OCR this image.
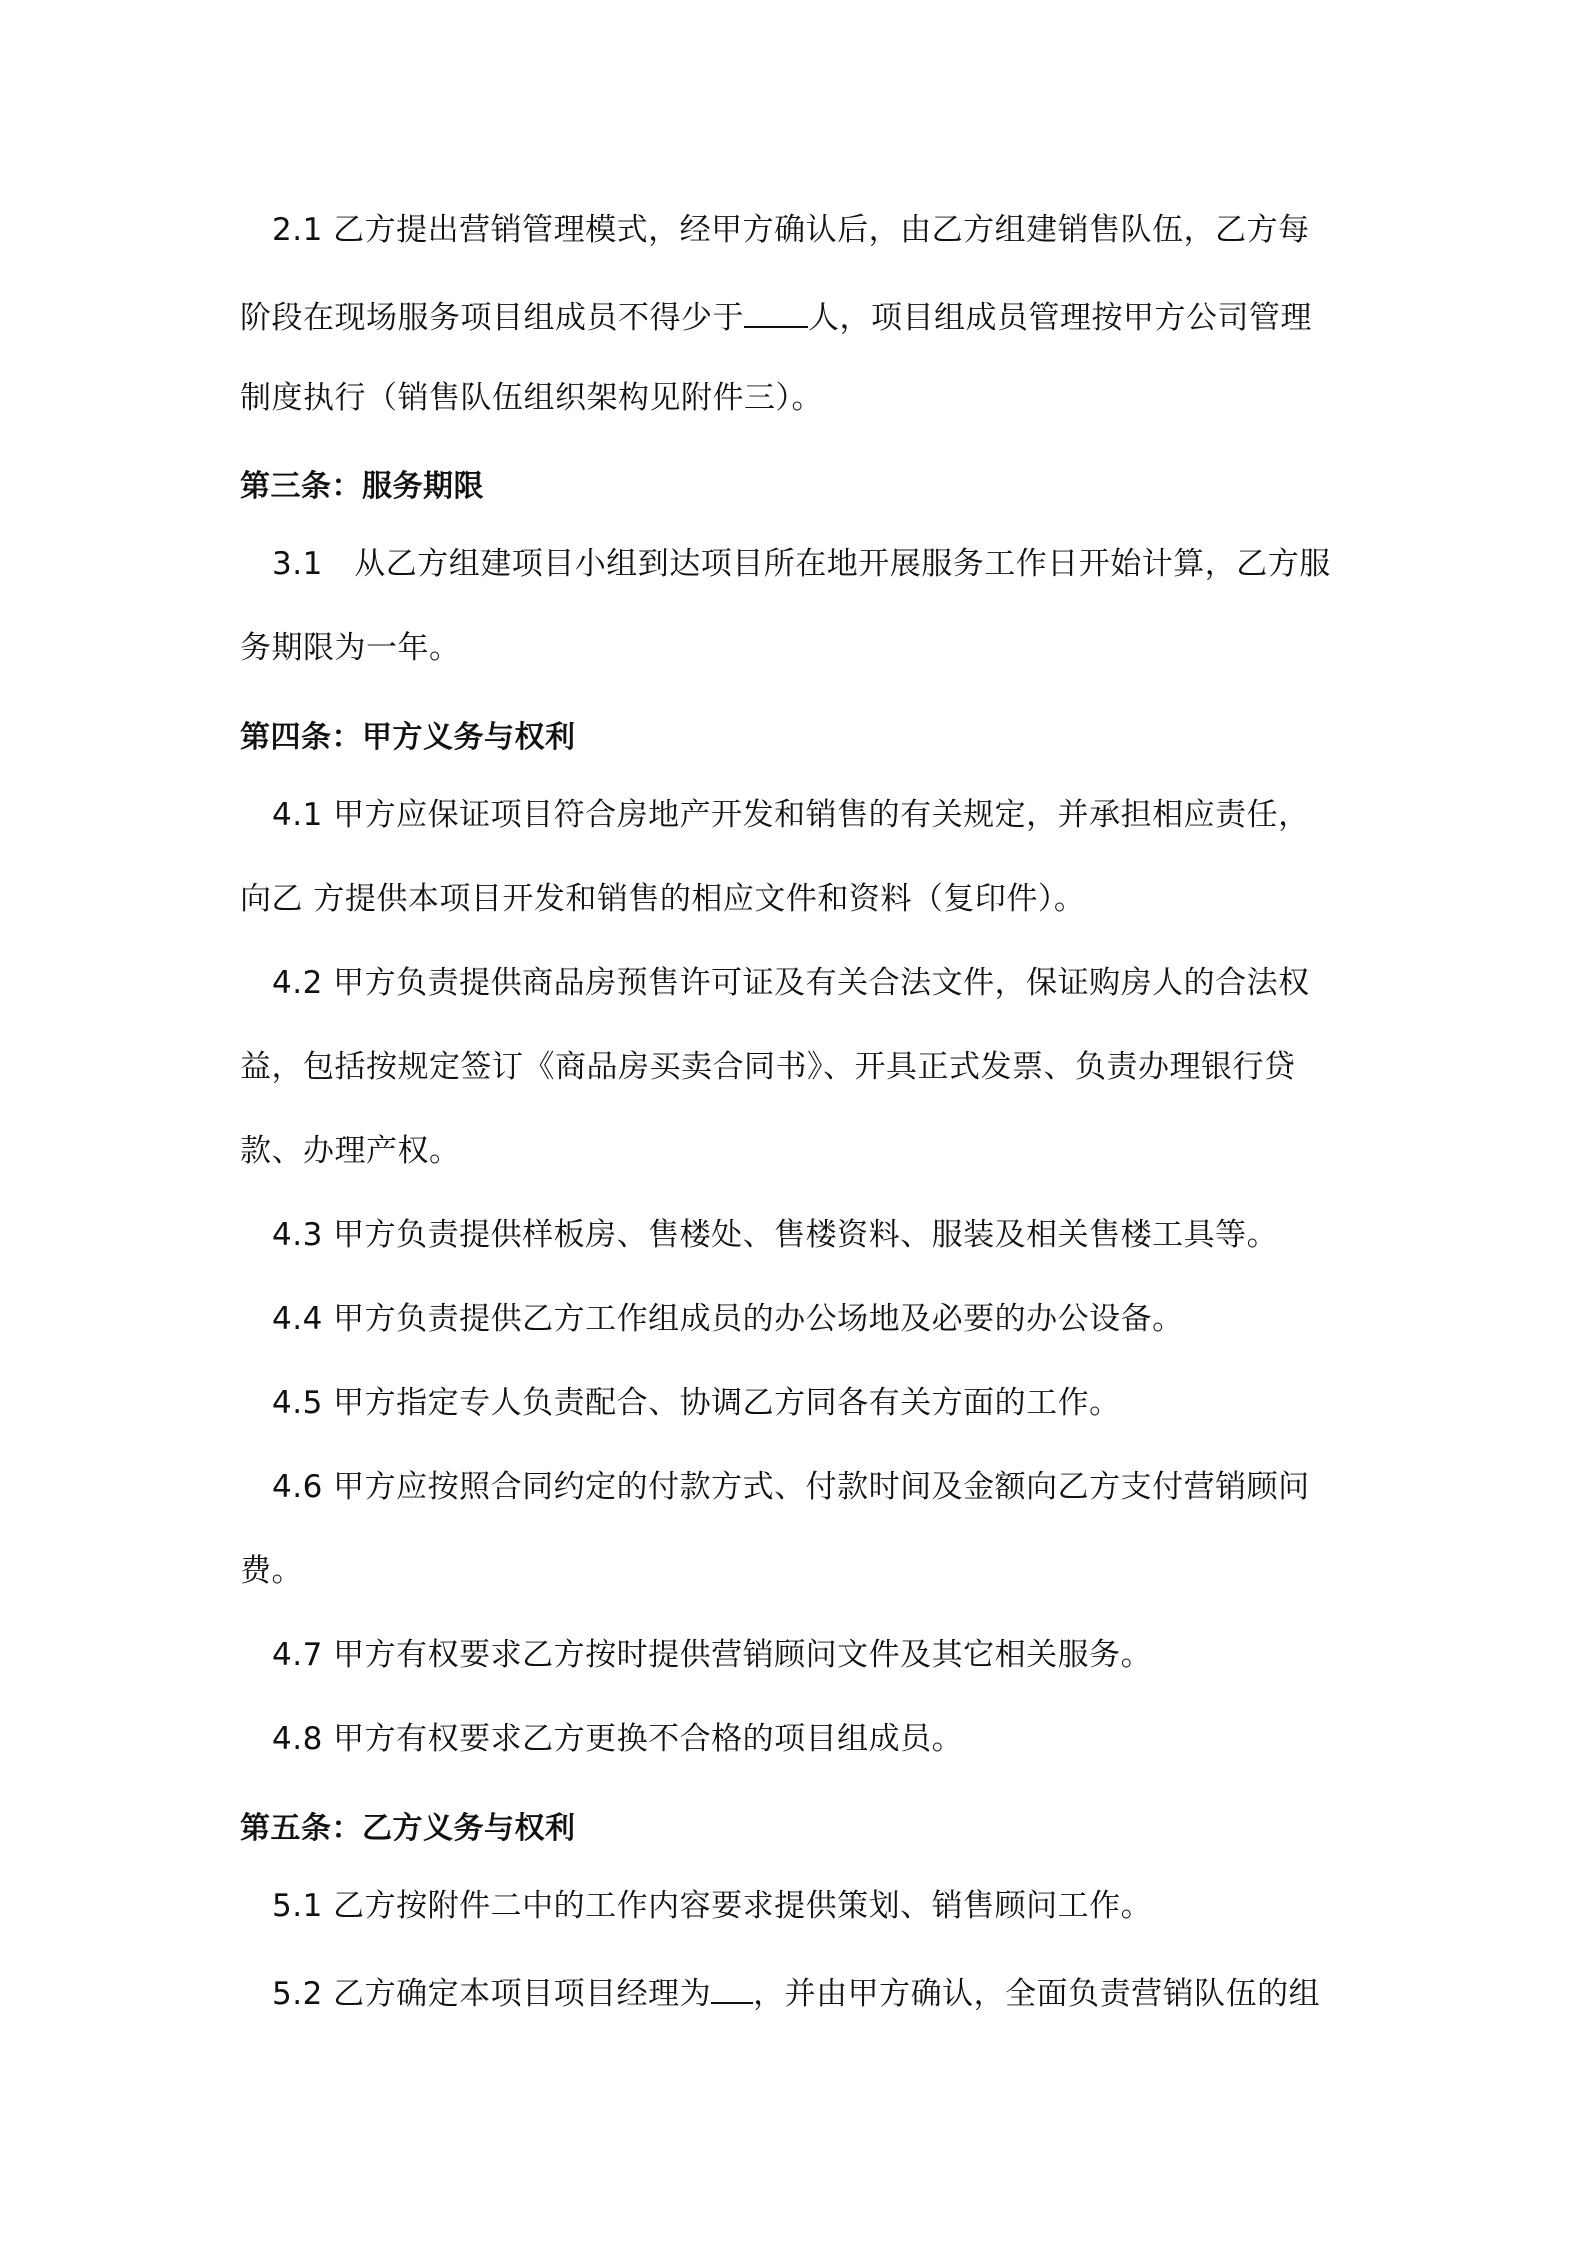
2.1 乙方提出营销管理模式，经甲方确认后，由乙方组建销售队伍，乙方每
阶段在现场服务项目组成员不得少于 人，项目组成员管理按甲方公司管理
制度执行（销售队伍组织架构见附件三）。
第三条：服务期限
3.1　从乙方组建项目小组到达项目所在地开展服务工作日开始计算，乙方服
务期限为一年。
第四条：甲方义务与权利
4.1 甲方应保证项目符合房地产开发和销售的有关规定，并承担相应责任，
向乙 方提供本项目开发和销售的相应文件和资料（复印件）。
4.2 甲方负责提供商品房预售许可证及有关合法文件，保证购房人的合法权
益，包括按规定签订《商品房买卖合同书》、开具正式发票、负责办理银行贷
款、办理产权。
4.3 甲方负责提供样板房、售楼处、售楼资料、服装及相关售楼工具等。
4.4 甲方负责提供乙方工作组成员的办公场地及必要的办公设备。
4.5 甲方指定专人负责配合、协调乙方同各有关方面的工作。
4.6 甲方应按照合同约定的付款方式、付款时间及金额向乙方支付营销顾问
费。
4.7 甲方有权要求乙方按时提供营销顾问文件及其它相关服务。
4.8 甲方有权要求乙方更换不合格的项目组成员。
第五条：乙方义务与权利
5.1 乙方按附件二中的工作内容要求提供策划、销售顾问工作。
5.2 乙方确定本项目项目经理为 ，并由甲方确认，全面负责营销队伍的组
